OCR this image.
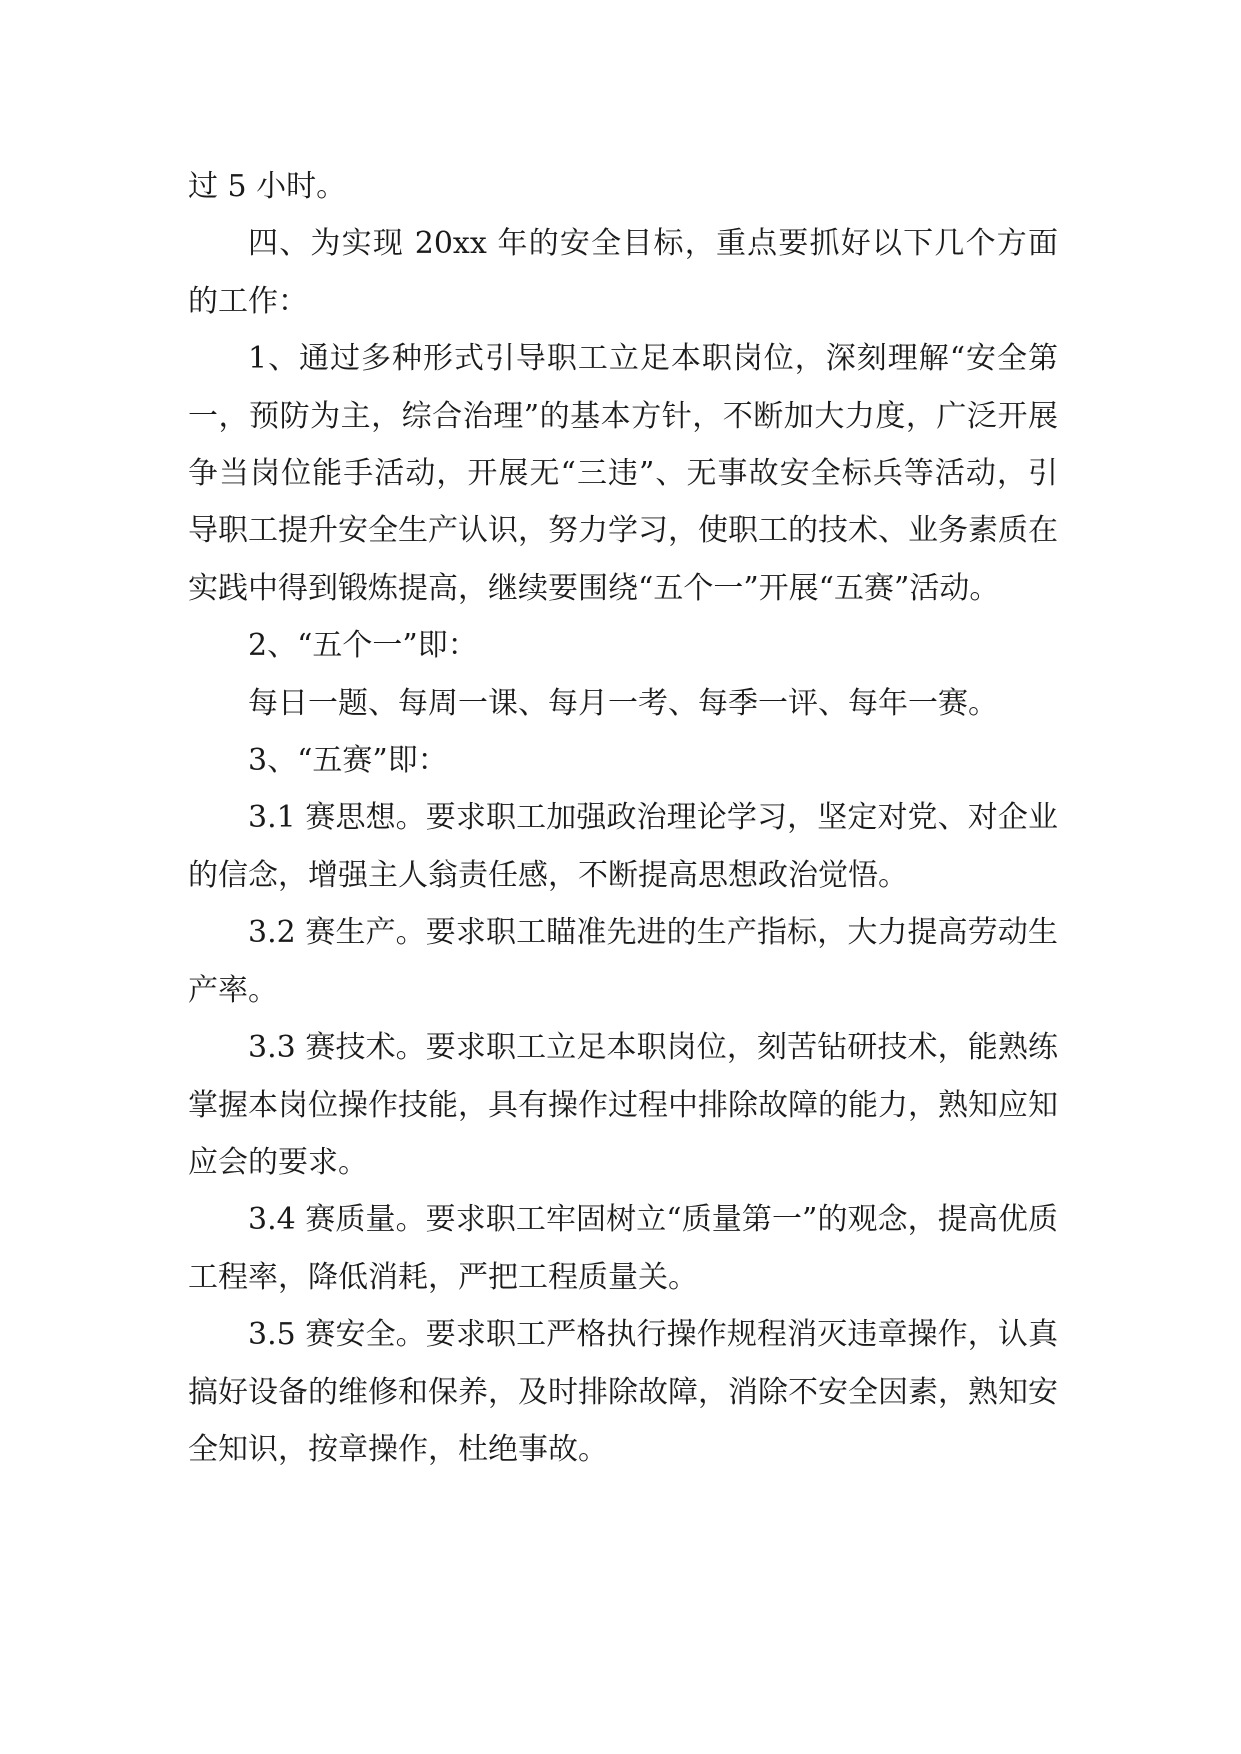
过 5 小时。

四、为实现 20xx 年的安全目标，重点要抓好以下几个方面的工作：

1、通过多种形式引导职工立足本职岗位，深刻理解“安全第一，预防为主，综合治理”的基本方针，不断加大力度，广泛开展争当岗位能手活动，开展无“三违”、无事故安全标兵等活动，引导职工提升安全生产认识，努力学习，使职工的技术、业务素质在实践中得到锻炼提高，继续要围绕“五个一”开展“五赛”活动。

2、“五个一”即：

每日一题、每周一课、每月一考、每季一评、每年一赛。

3、“五赛”即：

3.1 赛思想。要求职工加强政治理论学习，坚定对党、对企业的信念，增强主人翁责任感，不断提高思想政治觉悟。

3.2 赛生产。要求职工瞄准先进的生产指标，大力提高劳动生产率。

3.3 赛技术。要求职工立足本职岗位，刻苦钻研技术，能熟练掌握本岗位操作技能，具有操作过程中排除故障的能力，熟知应知应会的要求。

3.4 赛质量。要求职工牢固树立“质量第一”的观念，提高优质工程率，降低消耗，严把工程质量关。

3.5 赛安全。要求职工严格执行操作规程消灭违章操作，认真搞好设备的维修和保养，及时排除故障，消除不安全因素，熟知安全知识，按章操作，杜绝事故。
